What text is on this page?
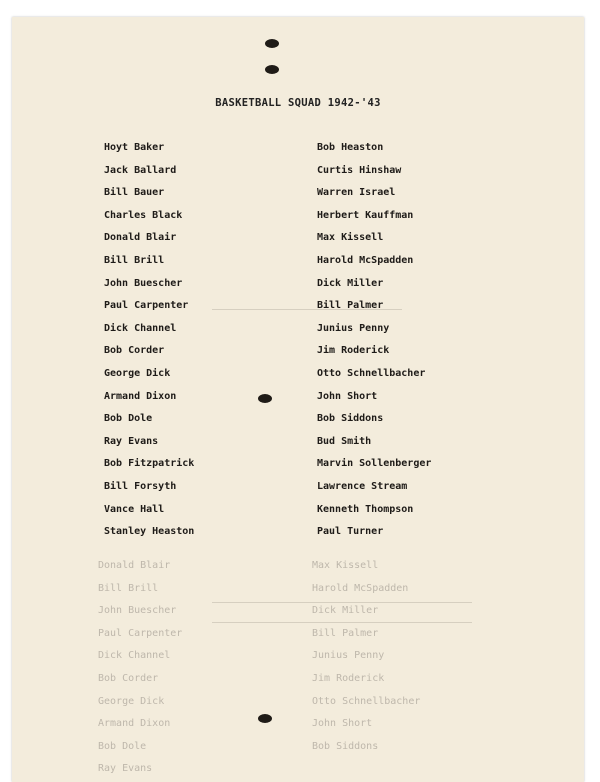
BASKETBALL SQUAD 1942-'43
Hoyt Baker
Jack Ballard
Bill Bauer
Charles Black
Donald Blair
Bill Brill
John Buescher
Paul Carpenter
Dick Channel
Bob Corder
George Dick
Armand Dixon
Bob Dole
Ray Evans
Bob Fitzpatrick
Bill Forsyth
Vance Hall
Stanley Heaston
Bob Heaston
Curtis Hinshaw
Warren Israel
Herbert Kauffman
Max Kissell
Harold McSpadden
Dick Miller
Bill Palmer
Junius Penny
Jim Roderick
Otto Schnellbacher
John Short
Bob Siddons
Bud Smith
Marvin Sollenberger
Lawrence Stream
Kenneth Thompson
Paul Turner
Donald Blair
Bill Brill
John Buescher
Paul Carpenter
Dick Channel
Bob Corder
George Dick
Armand Dixon
Bob Dole
Ray Evans
Max Kissell
Harold McSpadden
Dick Miller
Bill Palmer
Junius Penny
Jim Roderick
Otto Schnellbacher
John Short
Bob Siddons
